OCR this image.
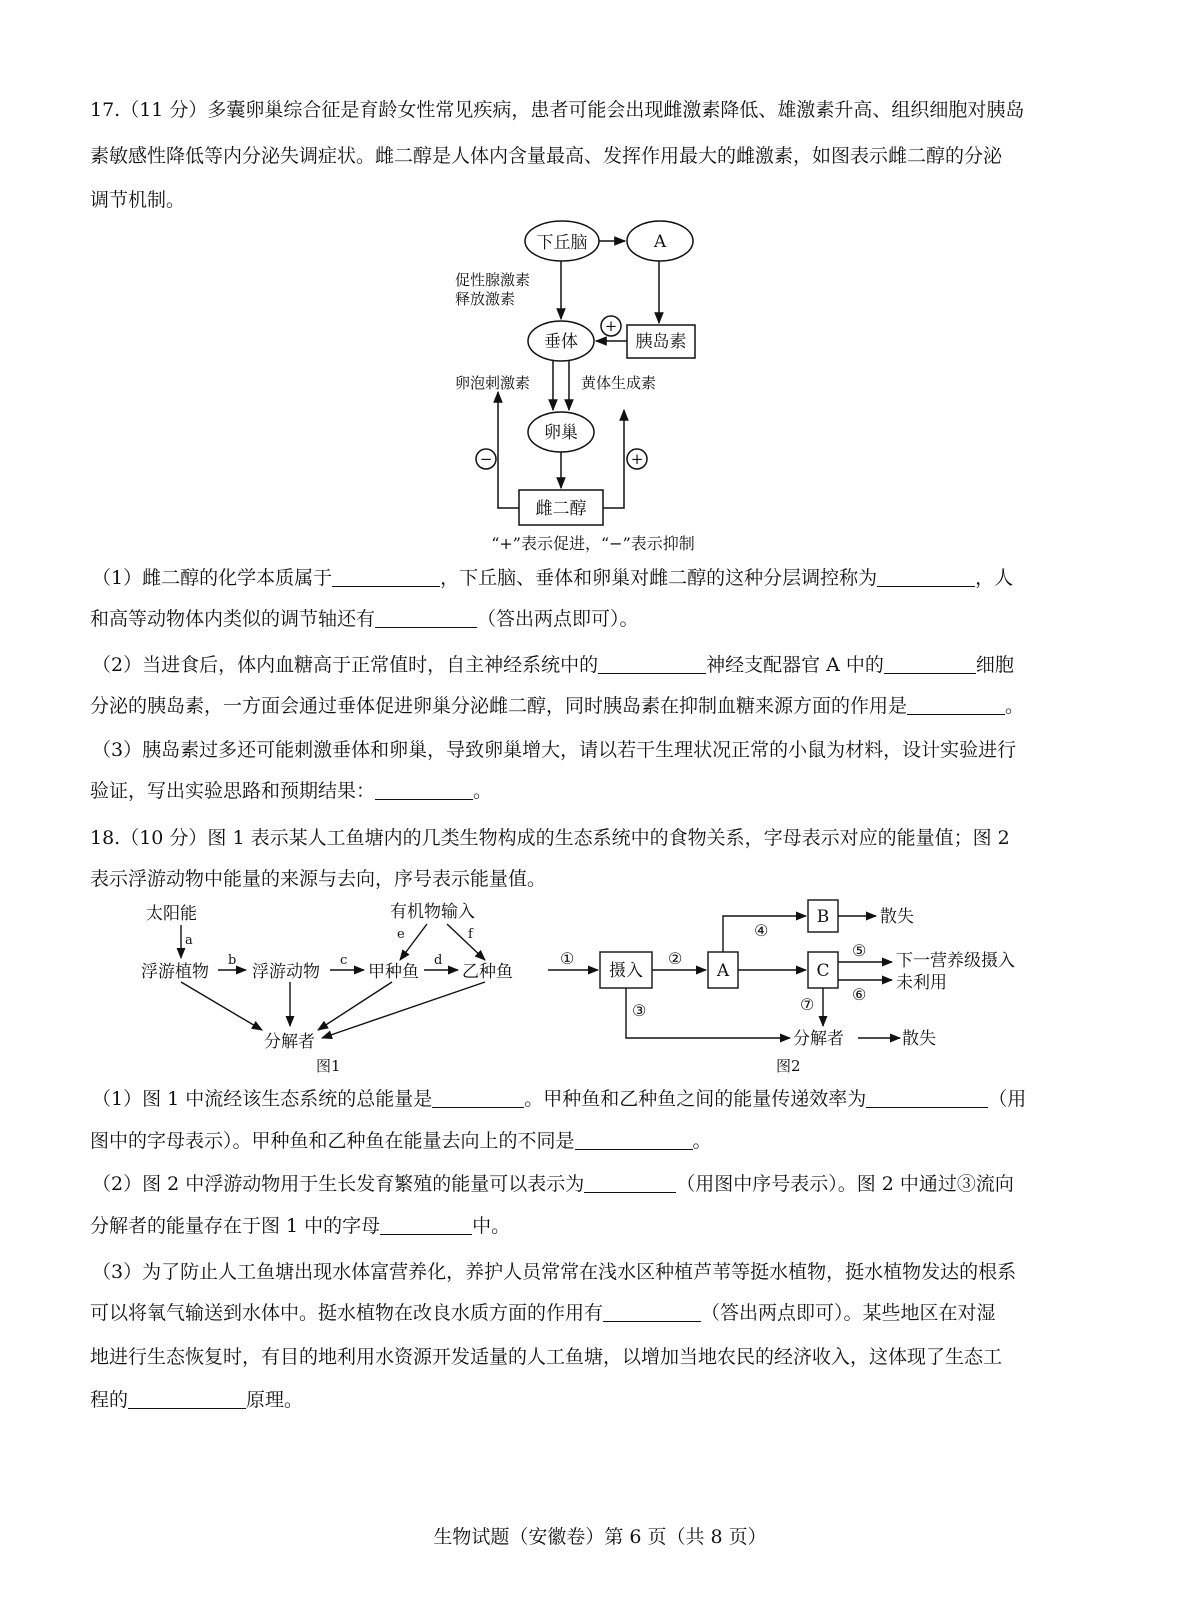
17.（11 分）多囊卵巢综合征是育龄女性常见疾病，患者可能会出现雌激素降低、雄激素升高、组织细胞对胰岛
素敏感性降低等内分泌失调症状。雌二醇是人体内含量最高、发挥作用最大的雌激素，如图表示雌二醇的分泌
调节机制。
下丘脑	A
促性腺激素
释放激素
垂体	胰岛素
卵泡刺激素	黄体生成素
卵巢
雌二醇
+
−	+
“+”表示促进，“−”表示抑制
太阳能	有机物输入
浮游植物	浮游动物	甲种鱼	乙种鱼
分解者
图1
a
b	c	d
e	f
摄入	A
B
C
散失
下一营养级摄入
未利用
分解者	散失
图2
①	②
③
④
⑤
⑥
⑦
（1）雌二醇的化学本质属于	，下丘脑、垂体和卵巢对雌二醇的这种分层调控称为	，人
和高等动物体内类似的调节轴还有	（答出两点即可）。
（2）当进食后，体内血糖高于正常值时，自主神经系统中的	神经支配器官 A 中的	细胞
分泌的胰岛素，一方面会通过垂体促进卵巢分泌雌二醇，同时胰岛素在抑制血糖来源方面的作用是	。
（3）胰岛素过多还可能刺激垂体和卵巢，导致卵巢增大，请以若干生理状况正常的小鼠为材料，设计实验进行
验证，写出实验思路和预期结果：	。
18.（10 分）图 1 表示某人工鱼塘内的几类生物构成的生态系统中的食物关系，字母表示对应的能量值；图 2
表示浮游动物中能量的来源与去向，序号表示能量值。
（1）图 1 中流经该生态系统的总能量是	。甲种鱼和乙种鱼之间的能量传递效率为	（用
图中的字母表示）。甲种鱼和乙种鱼在能量去向上的不同是	。
（2）图 2 中浮游动物用于生长发育繁殖的能量可以表示为	（用图中序号表示）。图 2 中通过③流向
分解者的能量存在于图 1 中的字母	中。
（3）为了防止人工鱼塘出现水体富营养化，养护人员常常在浅水区种植芦苇等挺水植物，挺水植物发达的根系
可以将氧气输送到水体中。挺水植物在改良水质方面的作用有	（答出两点即可）。某些地区在对湿
地进行生态恢复时，有目的地利用水资源开发适量的人工鱼塘，以增加当地农民的经济收入，这体现了生态工
程的	原理。
生物试题（安徽卷）第 6 页（共 8 页）
